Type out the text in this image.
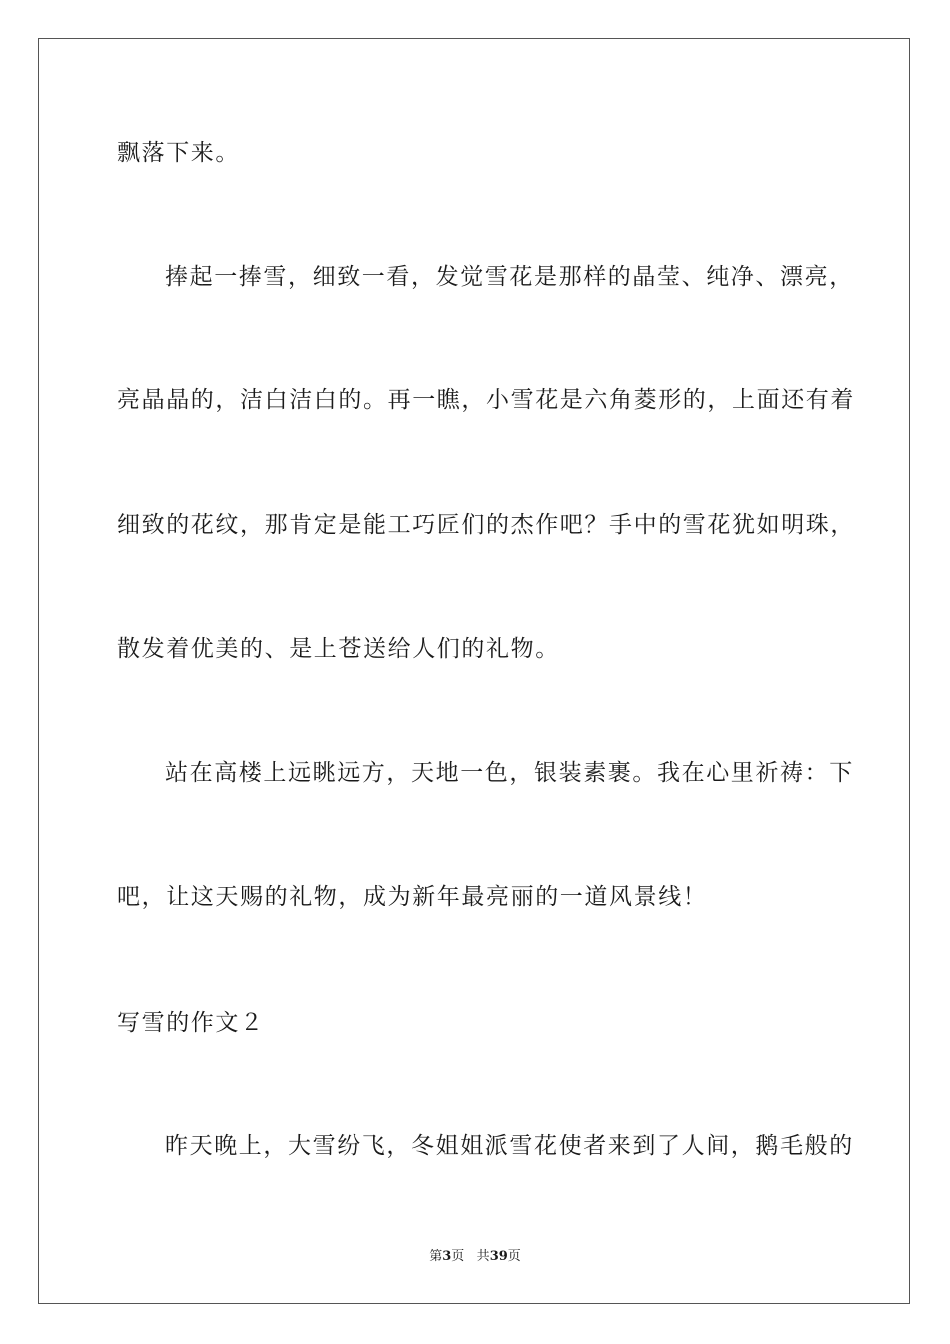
飘落下来。
捧起一捧雪，细致一看，发觉雪花是那样的晶莹、纯净、漂亮，
亮晶晶的，洁白洁白的。再一瞧，小雪花是六角菱形的，上面还有着
细致的花纹，那肯定是能工巧匠们的杰作吧？手中的雪花犹如明珠，
散发着优美的、是上苍送给人们的礼物。
站在高楼上远眺远方，天地一色，银装素裹。我在心里祈祷：下
吧，让这天赐的礼物，成为新年最亮丽的一道风景线！
写雪的作文２
昨天晚上，大雪纷飞，冬姐姐派雪花使者来到了人间，鹅毛般的
第3页 共39页
